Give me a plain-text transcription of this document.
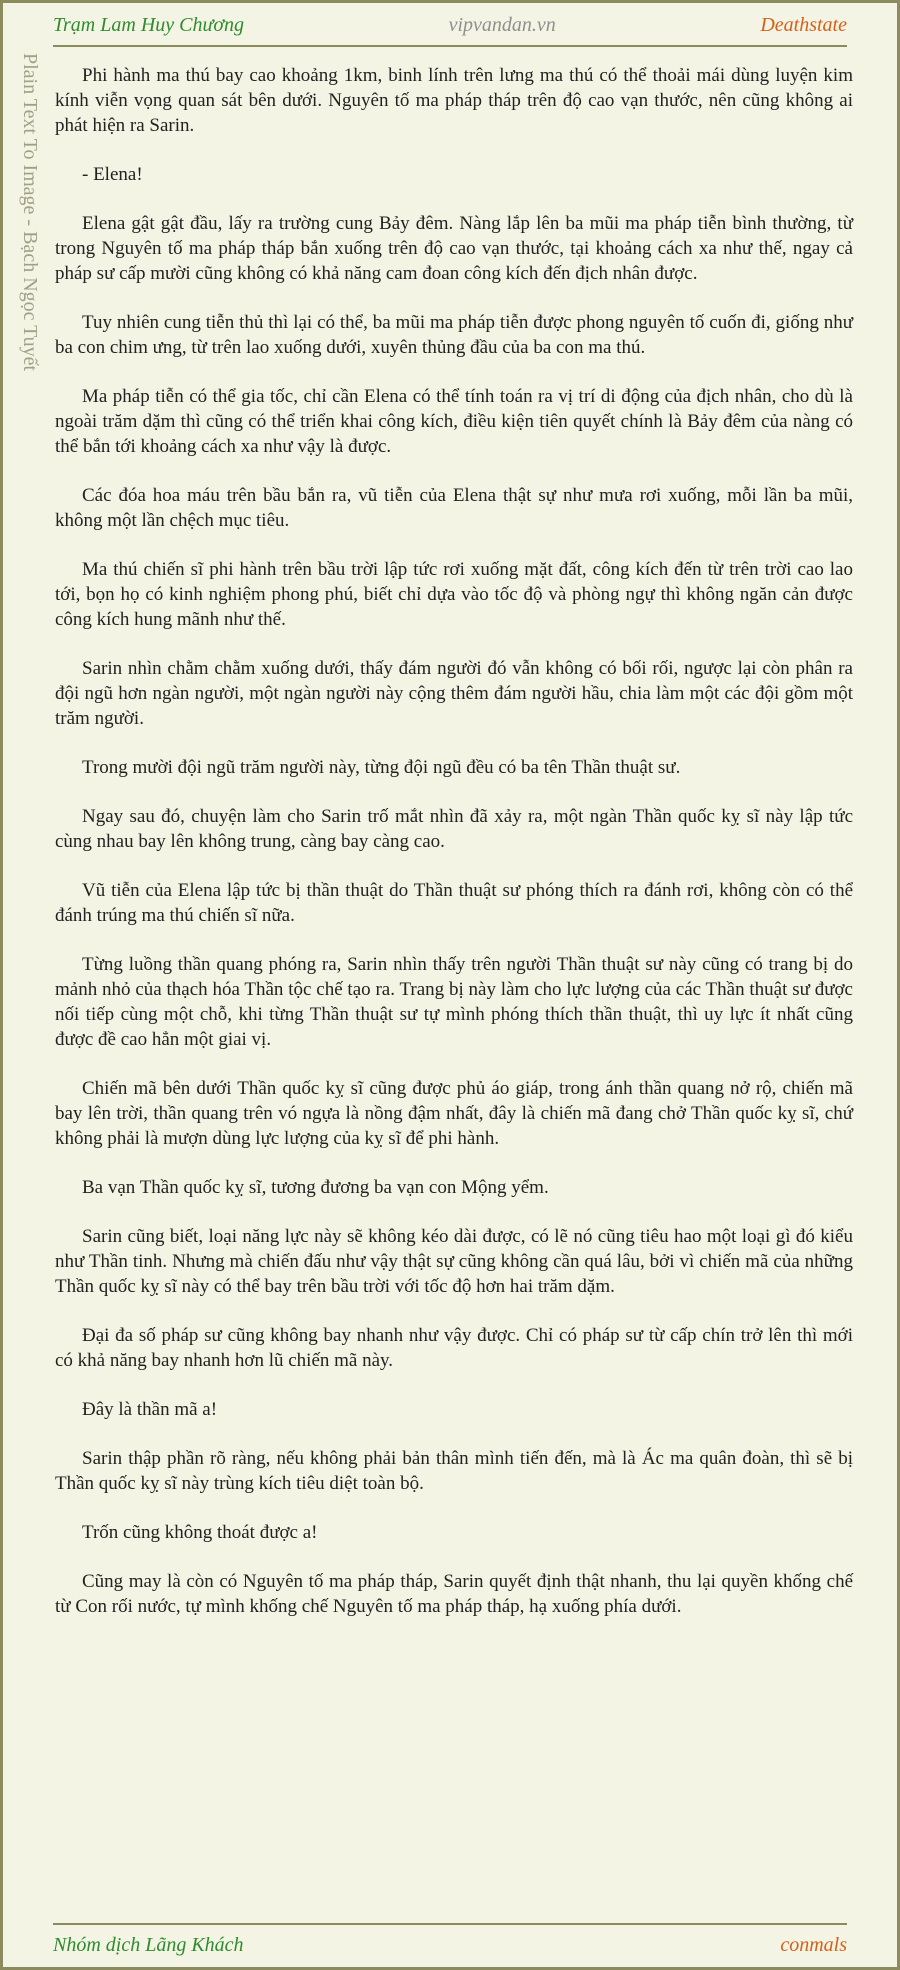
Trạm Lam Huy Chương	vipvandan.vn	Deathstate
Plain Text To Image - Bạch Ngọc Tuyết	Phi hành ma thú bay cao khoảng 1km, binh lính trên lưng ma thú có thể thoải mái dùng luyện kim kính viễn vọng quan sát bên dưới. Nguyên tố ma pháp tháp trên độ cao vạn thước, nên cũng không ai phát hiện ra Sarin.

- Elena!

Elena gật gật đầu, lấy ra trường cung Bảy đêm. Nàng lắp lên ba mũi ma pháp tiễn bình thường, từ trong Nguyên tố ma pháp tháp bắn xuống trên độ cao vạn thước, tại khoảng cách xa như thế, ngay cả pháp sư cấp mười cũng không có khả năng cam đoan công kích đến địch nhân được.

Tuy nhiên cung tiễn thủ thì lại có thể, ba mũi ma pháp tiễn được phong nguyên tố cuốn đi, giống như ba con chim ưng, từ trên lao xuống dưới, xuyên thủng đầu của ba con ma thú.

Ma pháp tiễn có thể gia tốc, chỉ cần Elena có thể tính toán ra vị trí di động của địch nhân, cho dù là ngoài trăm dặm thì cũng có thể triển khai công kích, điều kiện tiên quyết chính là Bảy đêm của nàng có thể bắn tới khoảng cách xa như vậy là được.

Các đóa hoa máu trên bầu bắn ra, vũ tiễn của Elena thật sự như mưa rơi xuống, mỗi lần ba mũi, không một lần chệch mục tiêu.

Ma thú chiến sĩ phi hành trên bầu trời lập tức rơi xuống mặt đất, công kích đến từ trên trời cao lao tới, bọn họ có kinh nghiệm phong phú, biết chỉ dựa vào tốc độ và phòng ngự thì không ngăn cản được công kích hung mãnh như thế.

Sarin nhìn chằm chằm xuống dưới, thấy đám người đó vẫn không có bối rối, ngược lại còn phân ra đội ngũ hơn ngàn người, một ngàn người này cộng thêm đám người hầu, chia làm một các đội gồm một trăm người.

Trong mười đội ngũ trăm người này, từng đội ngũ đều có ba tên Thần thuật sư.

Ngay sau đó, chuyện làm cho Sarin trố mắt nhìn đã xảy ra, một ngàn Thần quốc kỵ sĩ này lập tức cùng nhau bay lên không trung, càng bay càng cao.

Vũ tiễn của Elena lập tức bị thần thuật do Thần thuật sư phóng thích ra đánh rơi, không còn có thể đánh trúng ma thú chiến sĩ nữa.

Từng luồng thần quang phóng ra, Sarin nhìn thấy trên người Thần thuật sư này cũng có trang bị do mảnh nhỏ của thạch hóa Thần tộc chế tạo ra. Trang bị này làm cho lực lượng của các Thần thuật sư được nối tiếp cùng một chỗ, khi từng Thần thuật sư tự mình phóng thích thần thuật, thì uy lực ít nhất cũng được đề cao hẳn một giai vị.

Chiến mã bên dưới Thần quốc kỵ sĩ cũng được phủ áo giáp, trong ánh thần quang nở rộ, chiến mã bay lên trời, thần quang trên vó ngựa là nồng đậm nhất, đây là chiến mã đang chở Thần quốc kỵ sĩ, chứ không phải là mượn dùng lực lượng của kỵ sĩ để phi hành.

Ba vạn Thần quốc kỵ sĩ, tương đương ba vạn con Mộng yểm.

Sarin cũng biết, loại năng lực này sẽ không kéo dài được, có lẽ nó cũng tiêu hao một loại gì đó kiểu như Thần tinh. Nhưng mà chiến đấu như vậy thật sự cũng không cần quá lâu, bởi vì chiến mã của những Thần quốc kỵ sĩ này có thể bay trên bầu trời với tốc độ hơn hai trăm dặm.

Đại đa số pháp sư cũng không bay nhanh như vậy được. Chỉ có pháp sư từ cấp chín trở lên thì mới có khả năng bay nhanh hơn lũ chiến mã này.

Đây là thần mã a!

Sarin thập phần rõ ràng, nếu không phải bản thân mình tiến đến, mà là Ác ma quân đoàn, thì sẽ bị Thần quốc kỵ sĩ này trùng kích tiêu diệt toàn bộ.

Trốn cũng không thoát được a!

Cũng may là còn có Nguyên tố ma pháp tháp, Sarin quyết định thật nhanh, thu lại quyền khống chế từ Con rối nước, tự mình khống chế Nguyên tố ma pháp tháp, hạ xuống phía dưới.

Nhóm dịch Lãng Khách	conmals
